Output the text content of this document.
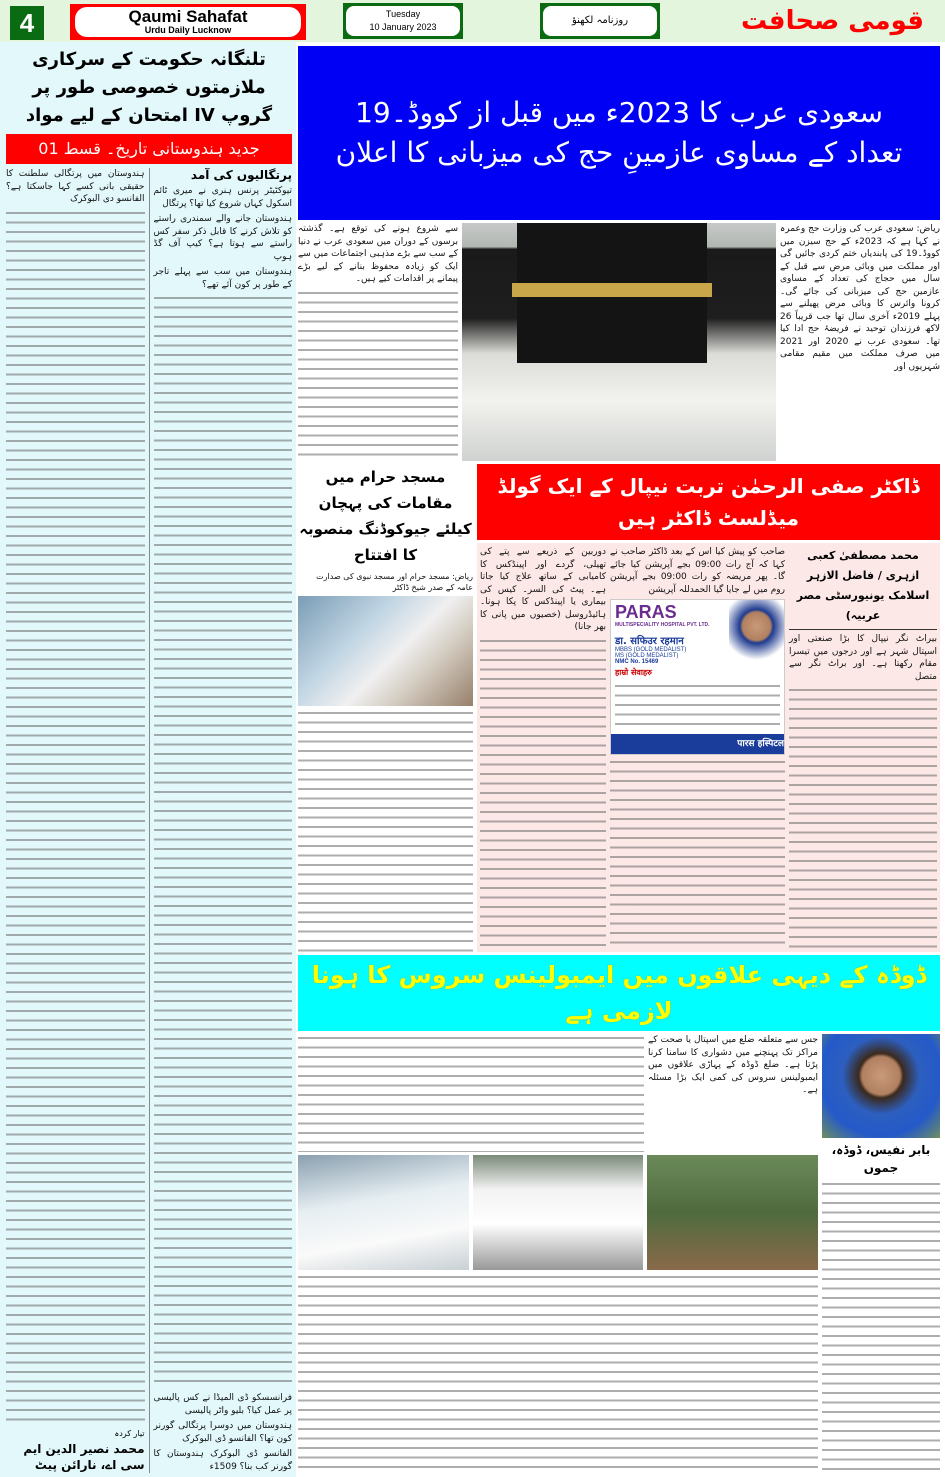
4	Qaumi Sahafat
Urdu Daily Lucknow
Tuesday
10 January 2023
روزنامہ لکھنؤ	قومی صحافت
تلنگانہ حکومت کے سرکاری ملازمتوں خصوصی طور پر گروپ IV امتحان کے لیے مواد
جدید ہندوستانی تاریخ۔ قسط 01
پرتگالیوں کی آمد
تیوکٹیٹر پرنس ہنری نے میری ٹائم اسکول کہاں شروع کیا تھا؟ پرتگال
ہندوستان جانے والے سمندری راستے کو تلاش کرنے کا قابل ذکر سفر کس راستے سے ہوتا ہے؟ کیپ آف گڈ ہوپ
ہندوستان میں سب سے پہلے تاجر کے طور پر کون آئے تھے؟
فرانسسکو ڈی المیڈا نے کس پالیسی پر عمل کیا؟ بلیو واٹر پالیسی
ہندوستان میں دوسرا پرتگالی گورنر کون تھا؟ الفانسو ڈی البوکرک
الفانسو ڈی البوکرک ہندوستان کا گورنر کب بنا؟ 1509ء
ہندوستان میں پرتگالی سلطنت کا حقیقی بانی کسے کہا جاسکتا ہے؟ الفانسو دی البوکرک
تیار کردہ
محمد نصیر الدین ایم سی اے، نارائن پیٹ
سعودی عرب کا 2023ء میں قبل از کووڈ۔19
تعداد کے مساوی عازمینِ حج کی میزبانی کا اعلان
ریاض: سعودی عرب کی وزارت حج وعمرہ نے کہا ہے کہ 2023ء کے حج سیزن میں کووڈ۔19 کی پابندیاں ختم کردی جائیں گی اور مملکت میں وبائی مرض سے قبل کے سال میں حجاج کی تعداد کے مساوی عازمین حج کی میزبانی کی جائے گی۔ کرونا وائرس کا وبائی مرض پھیلنے سے پہلے 2019ء آخری سال تھا جب قریباً 26 لاکھ فرزندان توحید نے فریضۂ حج ادا کیا تھا۔ سعودی عرب نے 2020 اور 2021 میں صرف مملکت میں مقیم مقامی شہریوں اور
سے شروع ہونے کی توقع ہے۔ گذشتہ برسوں کے دوران میں سعودی عرب نے دنیا کے سب سے بڑے مذہبی اجتماعات میں سے ایک کو زیادہ محفوظ بنانے کے لیے بڑے پیمانے پر اقدامات کیے ہیں۔
ڈاکٹر صفی الرحمٰن تربت نیپال کے ایک گولڈ میڈلسٹ ڈاکٹر ہیں
محمد مصطفیٰ کعبی ازہری / فاضل الازہر
اسلامک یونیورسٹی مصر عربیہ)
بیراٹ نگر نیپال کا بڑا صنعتی اور اسپتال شہر ہے اور درجوں میں تیسرا مقام رکھتا ہے۔ اور براٹ نگر سے متصل
صاحب کو پیش کیا اس کے بعد ڈاکٹر صاحب نے کہا کہ آج رات 09:00 بجے آپریشن کیا جائے گا۔ پھر مریضہ کو رات 09:00 بجے آپریشن روم میں لے جایا گیا الحمدللہ آپریشن
PARAS
MULTISPECIALITY HOSPITAL PVT. LTD.
डा. सफिउर रहमान
MBBS (GOLD MEDALIST)
MS (GOLD MEDALIST)
NMC No. 15469
हाम्रो सेवाहरु
पारस हस्पिटल
دوربین کے ذریعے سے پتے کی تھیلی، گردے اور اپینڈکس کا کامیابی کے ساتھ علاج کیا جاتا ہے۔ پیٹ کی السر۔ کیس کی بیماری یا اپینڈکس کا پکا ہونا۔ ہائیڈروسل (خصیوں میں پانی کا بھر جانا)
مسجد حرام میں مقامات کی پہچان
کیلئے جیوکوڈنگ منصوبہ کا افتتاح
ریاض: مسجد حرام اور مسجد نبوی کی صدارت عامہ کے صدر شیخ ڈاکٹر
ڈوڈہ کے دیہی علاقوں میں ایمبولینس سروس کا ہونا لازمی ہے
بابر نفیس، ڈوڈہ، جموں
جس سے متعلقہ ضلع میں اسپتال یا صحت کے مراکز تک پہنچنے میں دشواری کا سامنا کرنا پڑتا ہے۔ ضلع ڈوڈہ کے پہاڑی علاقوں میں ایمبولینس سروس کی کمی ایک بڑا مسئلہ ہے۔
